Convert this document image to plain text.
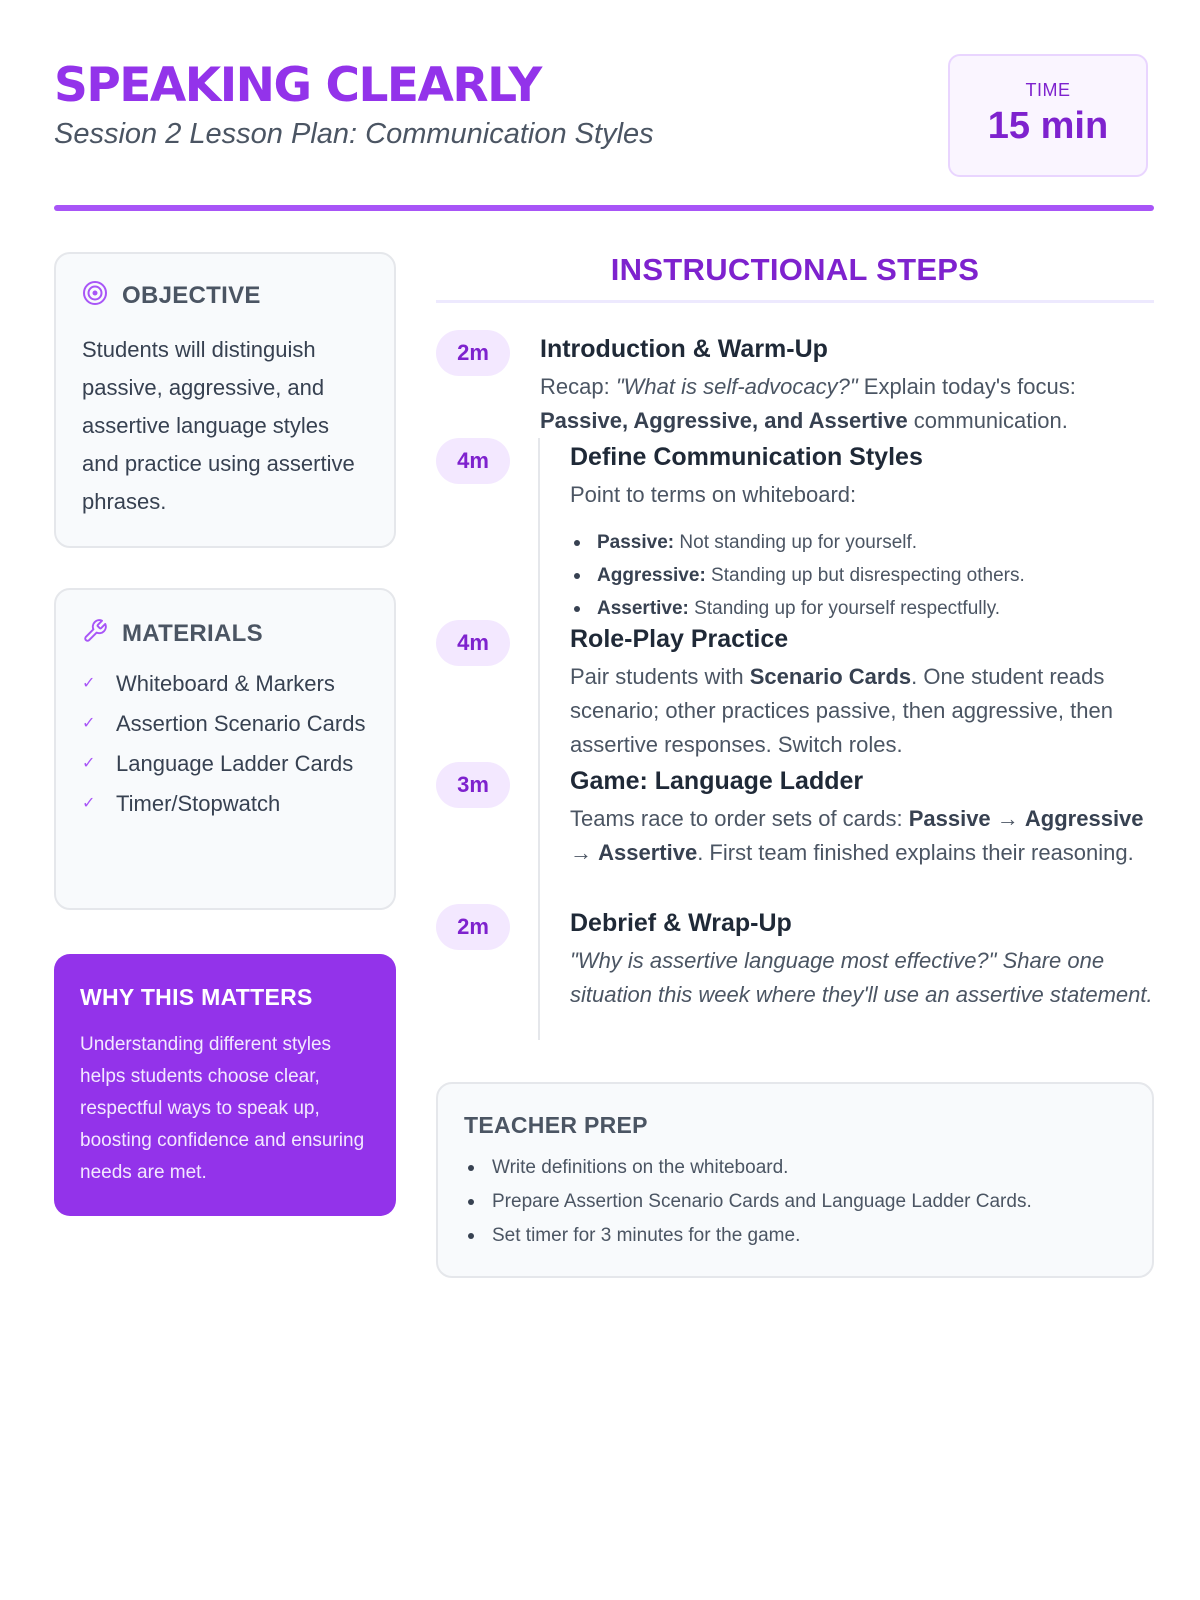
SPEAKING CLEARLY
Session 2 Lesson Plan: Communication Styles
TIME
15 min
OBJECTIVE

Students will distinguish passive, aggressive, and assertive language styles and practice using assertive phrases.

MATERIALS
✓ Whiteboard & Markers
✓ Assertion Scenario Cards
✓ Language Ladder Cards
✓ Timer/Stopwatch
WHY THIS MATTERS

Understanding different styles helps students choose clear, respectful ways to speak up, boosting confidence and ensuring needs are met.

INSTRUCTIONAL STEPS
2m	Introduction & Warm-Up
Recap: "What is self-advocacy?" Explain today's focus: Passive, Aggressive, and Assertive communication.
4m	Define Communication Styles
Point to terms on whiteboard:
Passive: Not standing up for yourself.
Aggressive: Standing up but disrespecting others.
Assertive: Standing up for yourself respectfully.
4m	Role-Play Practice
Pair students with Scenario Cards. One student reads scenario; other practices passive, then aggressive, then assertive responses. Switch roles.
3m	Game: Language Ladder
Teams race to order sets of cards: Passive → Aggressive → Assertive. First team finished explains their reasoning.
2m	Debrief & Wrap-Up
"Why is assertive language most effective?" Share one situation this week where they'll use an assertive statement.
TEACHER PREP
Write definitions on the whiteboard.
Prepare Assertion Scenario Cards and Language Ladder Cards.
Set timer for 3 minutes for the game.
